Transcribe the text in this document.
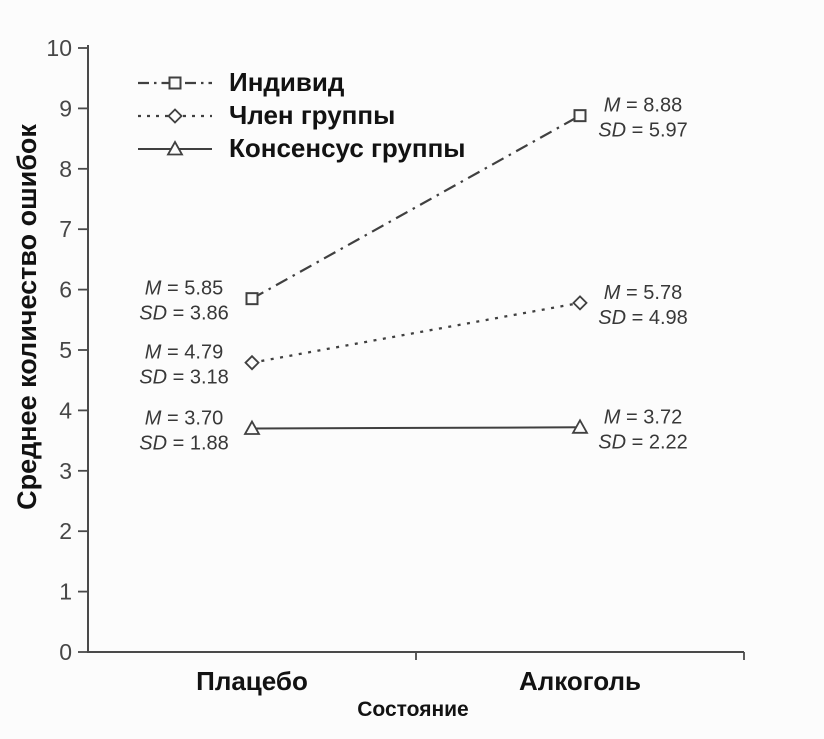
0
1
2
3
4
5
6
7
8
9
10
Плацебо	Алкоголь
M = 5.85
SD = 3.86
M = 8.88
SD = 5.97
M = 4.79
SD = 3.18
M = 5.78
SD = 4.98
M = 3.70
SD = 1.88
M = 3.72
SD = 2.22
Среднее количество ошибок
Индивид
Член группы
Консенсус группы
Состояние
